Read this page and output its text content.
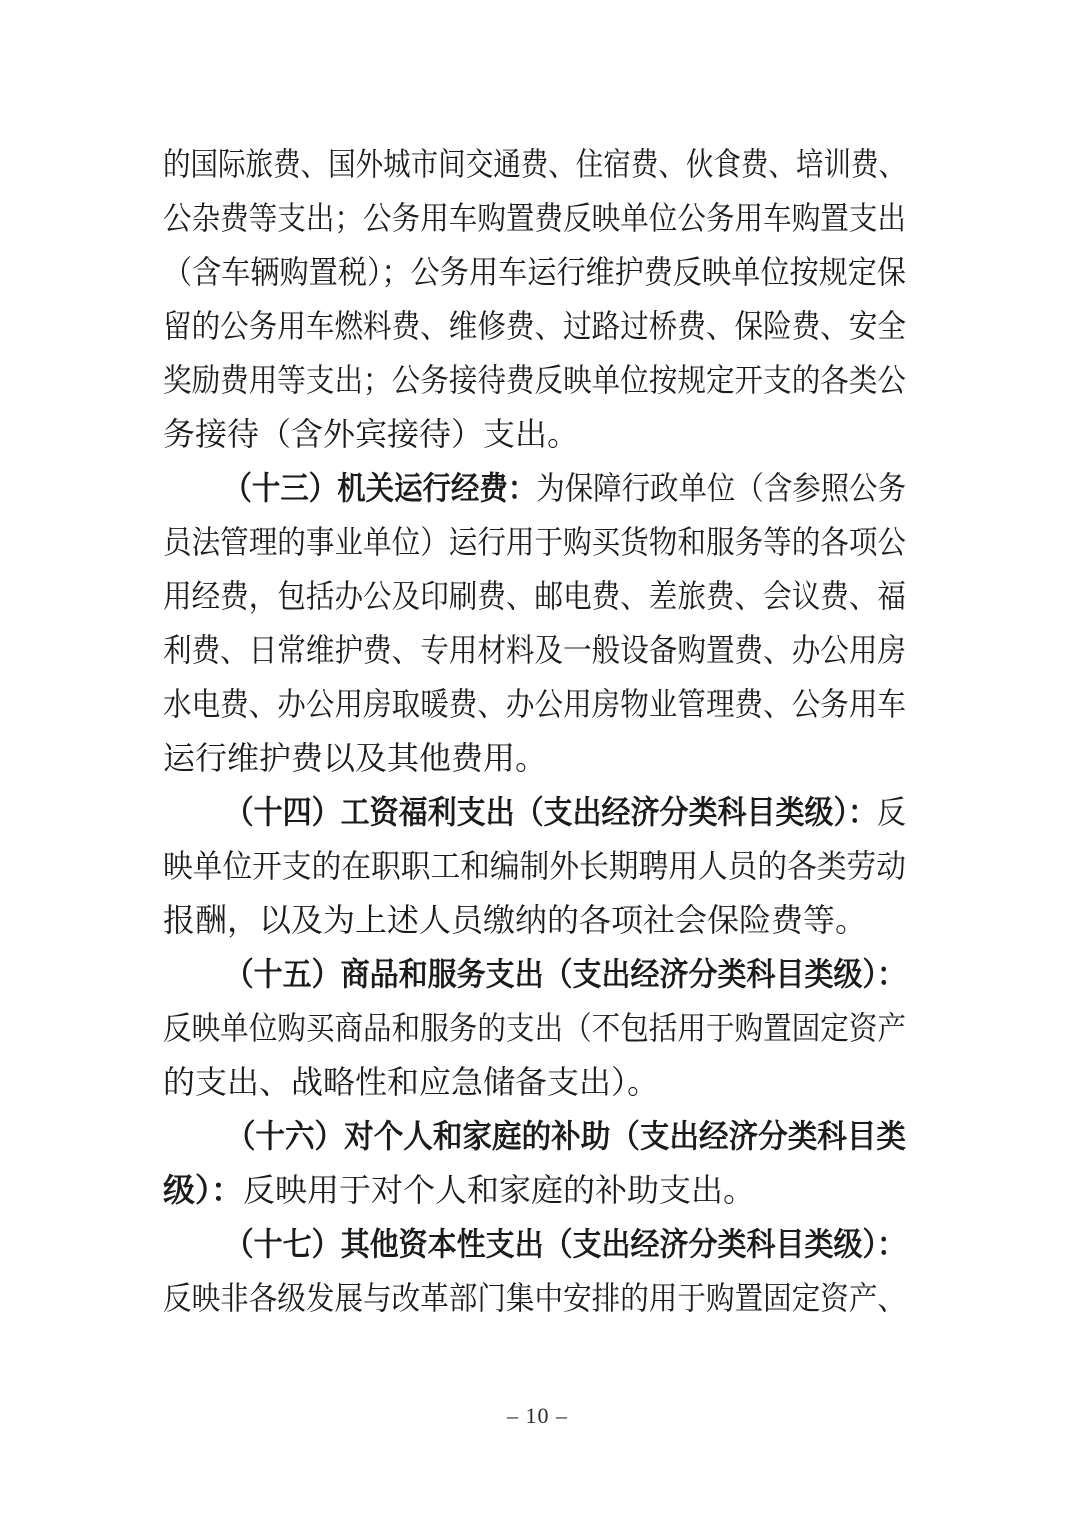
的国际旅费、国外城市间交通费、住宿费、伙食费、培训费、
公杂费等支出；公务用车购置费反映单位公务用车购置支出
（含车辆购置税）；公务用车运行维护费反映单位按规定保
留的公务用车燃料费、维修费、过路过桥费、保险费、安全
奖励费用等支出；公务接待费反映单位按规定开支的各类公
务接待（含外宾接待）支出。
（十三）机关运行经费：为保障行政单位（含参照公务
员法管理的事业单位）运行用于购买货物和服务等的各项公
用经费，包括办公及印刷费、邮电费、差旅费、会议费、福
利费、日常维护费、专用材料及一般设备购置费、办公用房
水电费、办公用房取暖费、办公用房物业管理费、公务用车
运行维护费以及其他费用。
（十四）工资福利支出（支出经济分类科目类级）：反
映单位开支的在职职工和编制外长期聘用人员的各类劳动
报酬，以及为上述人员缴纳的各项社会保险费等。
（十五）商品和服务支出（支出经济分类科目类级）：
反映单位购买商品和服务的支出（不包括用于购置固定资产
的支出、战略性和应急储备支出）。
（十六）对个人和家庭的补助（支出经济分类科目类
级）：反映用于对个人和家庭的补助支出。
（十七）其他资本性支出（支出经济分类科目类级）：
反映非各级发展与改革部门集中安排的用于购置固定资产、
– 10 –
